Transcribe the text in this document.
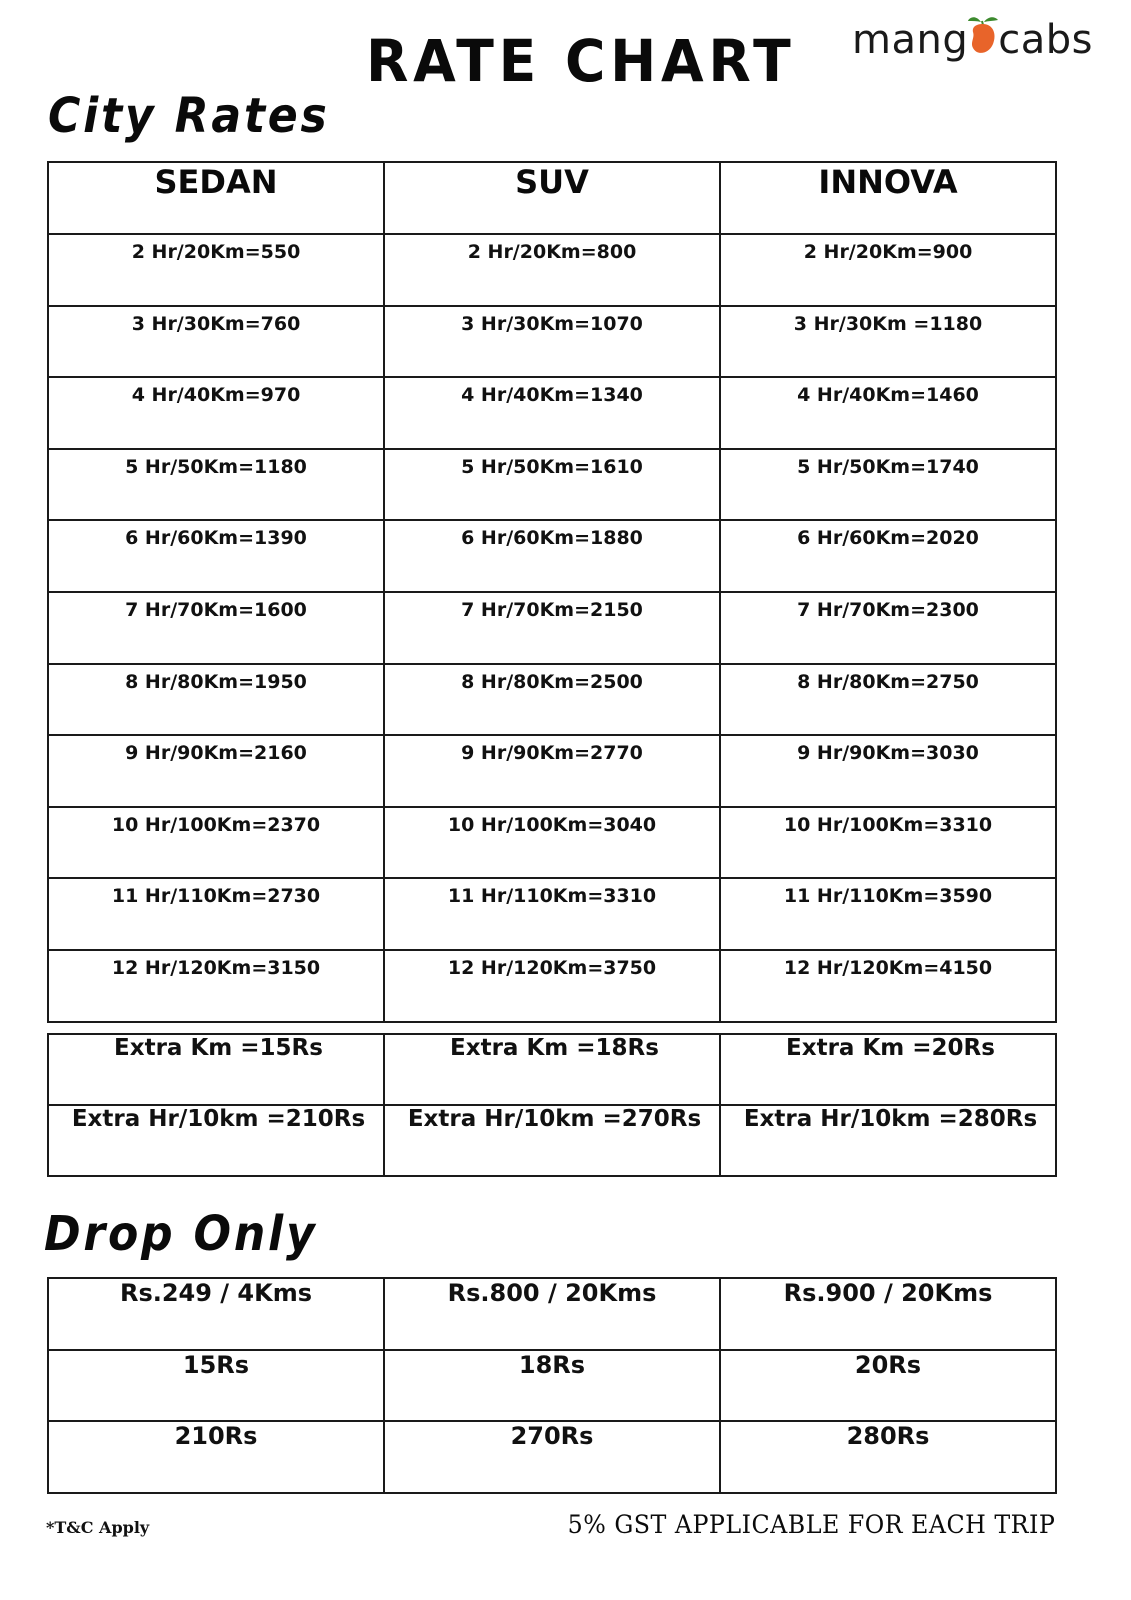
RATE CHART mang cabs
City Rates
SEDAN	SUV	INNOVA
2 Hr/20Km=550	2 Hr/20Km=800	2 Hr/20Km=900
3 Hr/30Km=760	3 Hr/30Km=1070	3 Hr/30Km =1180
4 Hr/40Km=970	4 Hr/40Km=1340	4 Hr/40Km=1460
5 Hr/50Km=1180	5 Hr/50Km=1610	5 Hr/50Km=1740
6 Hr/60Km=1390	6 Hr/60Km=1880	6 Hr/60Km=2020
7 Hr/70Km=1600	7 Hr/70Km=2150	7 Hr/70Km=2300
8 Hr/80Km=1950	8 Hr/80Km=2500	8 Hr/80Km=2750
9 Hr/90Km=2160	9 Hr/90Km=2770	9 Hr/90Km=3030
10 Hr/100Km=2370	10 Hr/100Km=3040	10 Hr/100Km=3310
11 Hr/110Km=2730	11 Hr/110Km=3310	11 Hr/110Km=3590
12 Hr/120Km=3150	12 Hr/120Km=3750	12 Hr/120Km=4150
Extra Km =15Rs	Extra Km =18Rs	Extra Km =20Rs
Extra Hr/10km =210Rs	Extra Hr/10km =270Rs	Extra Hr/10km =280Rs
Drop Only
Rs.249 / 4Kms	Rs.800 / 20Kms	Rs.900 / 20Kms
15Rs	18Rs	20Rs
210Rs	270Rs	280Rs
*T&C Apply	5% GST APPLICABLE FOR EACH TRIP
